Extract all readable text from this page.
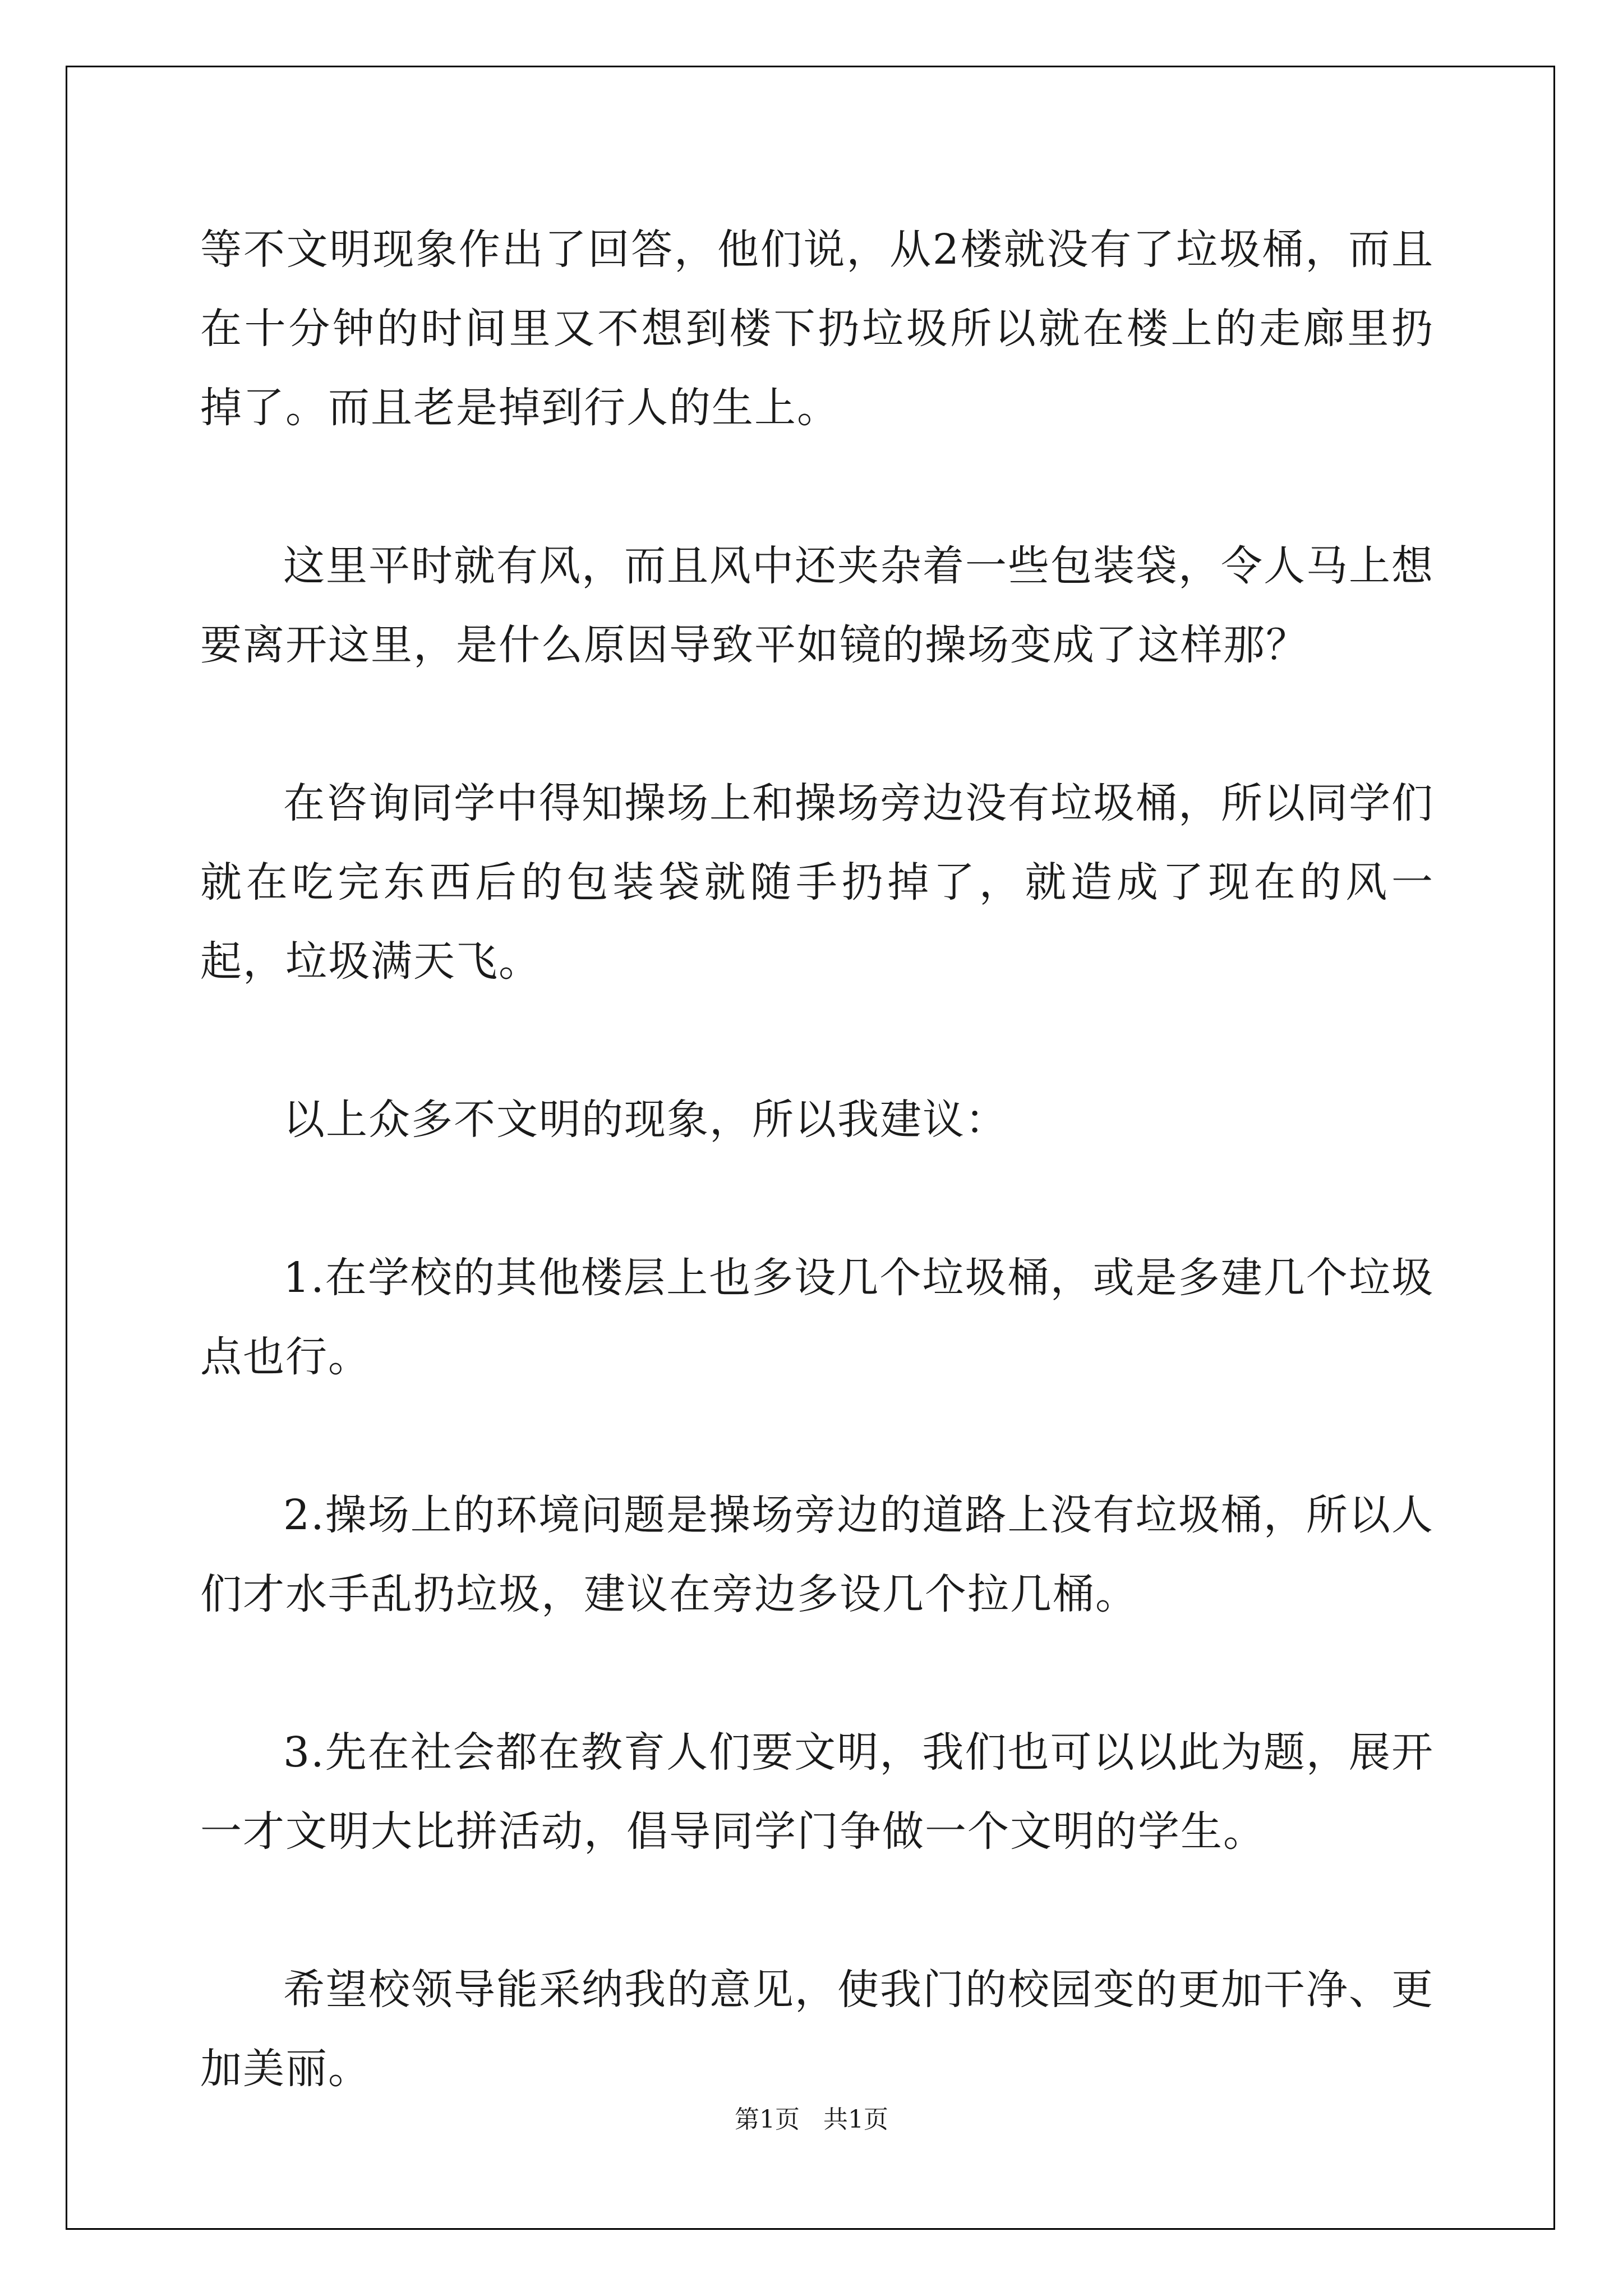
等不文明现象作出了回答，他们说，从2楼就没有了垃圾桶，而且在十分钟的时间里又不想到楼下扔垃圾所以就在楼上的走廊里扔掉了。而且老是掉到行人的生上。

这里平时就有风，而且风中还夹杂着一些包装袋，令人马上想要离开这里，是什么原因导致平如镜的操场变成了这样那？

在咨询同学中得知操场上和操场旁边没有垃圾桶，所以同学们就在吃完东西后的包装袋就随手扔掉了，就造成了现在的风一起，垃圾满天飞。

以上众多不文明的现象，所以我建议：

1.在学校的其他楼层上也多设几个垃圾桶，或是多建几个垃圾点也行。

2.操场上的环境问题是操场旁边的道路上没有垃圾桶，所以人们才水手乱扔垃圾，建议在旁边多设几个拉几桶。

3.先在社会都在教育人们要文明，我们也可以以此为题，展开一才文明大比拼活动，倡导同学门争做一个文明的学生。

希望校领导能采纳我的意见，使我门的校园变的更加干净、更加美丽。

第1页   共1页
